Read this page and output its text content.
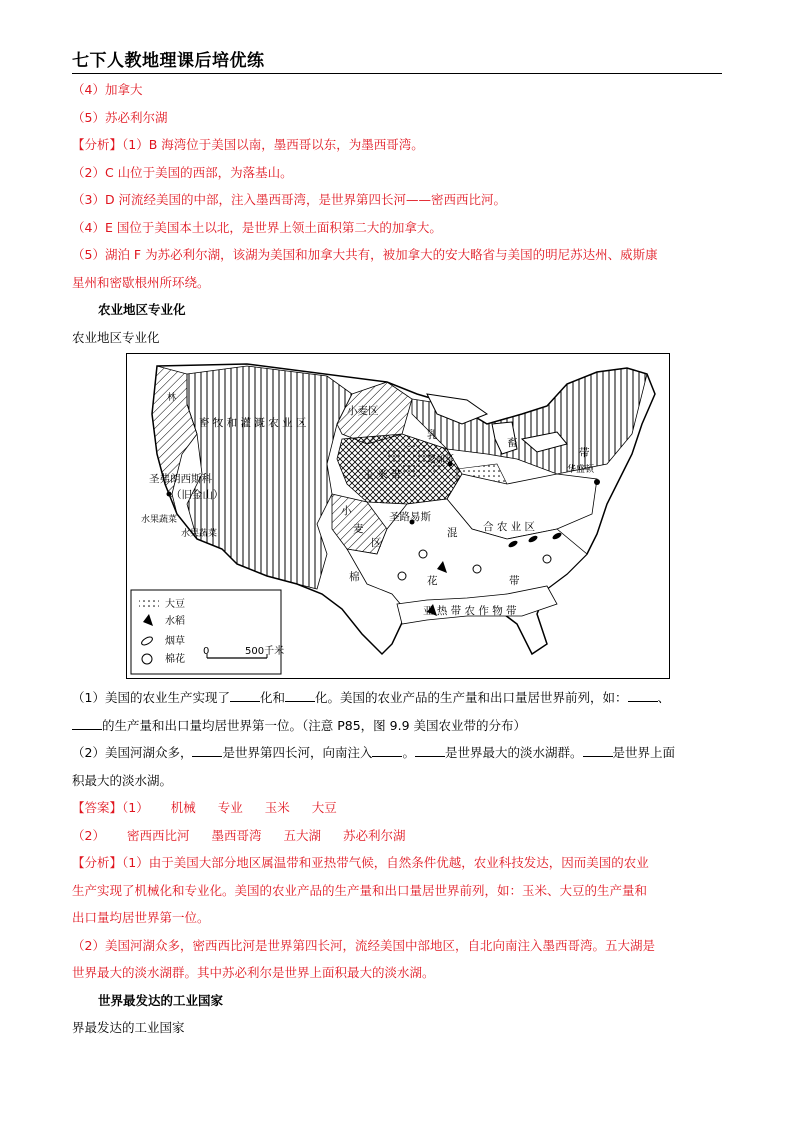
七下人教地理课后培优练
（4）加拿大
（5）苏必利尔湖
【分析】（1）B 海湾位于美国以南，墨西哥以东，为墨西哥湾。
（2）C 山位于美国的西部，为落基山。
（3）D 河流经美国的中部，注入墨西哥湾，是世界第四长河——密西西比河。
（4）E 国位于美国本土以北，是世界上领土面积第二大的加拿大。
（5）湖泊 F 为苏必利尔湖，该湖为美国和加拿大共有，被加拿大的安大略省与美国的明尼苏达州、威斯康
星州和密歇根州所环绕。
农业地区专业化
农业地区专业化
畜 牧 和 灌 溉 农 业 区
小麦区
玉 米 带
圣弗朗西斯科
（旧金山）
圣路易斯
芝加哥
华盛顿
混 合 农 业 区
棉	花	带
亚 热 带 农 作 物 带
小
麦
区
林
乳
畜
带
水果蔬菜
水果蔬菜
大豆
水稻
烟草
棉花
0	500千米
（1）美国的农业生产实现了 化和 化。美国的农业产品的生产量和出口量居世界前列，如： 、
的生产量和出口量均居世界第一位。（注意 P85，图 9.9 美国农业带的分布）
（2）美国河湖众多， 是世界第四长河，向南注入 。 是世界最大的淡水湖群。 是世界上面
积最大的淡水湖。
【答案】（1） 机械 专业 玉米 大豆
（2） 密西西比河 墨西哥湾 五大湖 苏必利尔湖
【分析】（1）由于美国大部分地区属温带和亚热带气候，自然条件优越，农业科技发达，因而美国的农业
生产实现了机械化和专业化。美国的农业产品的生产量和出口量居世界前列，如：玉米、大豆的生产量和
出口量均居世界第一位。
（2）美国河湖众多，密西西比河是世界第四长河，流经美国中部地区，自北向南注入墨西哥湾。五大湖是
世界最大的淡水湖群。其中苏必利尔是世界上面积最大的淡水湖。
世界最发达的工业国家
界最发达的工业国家
